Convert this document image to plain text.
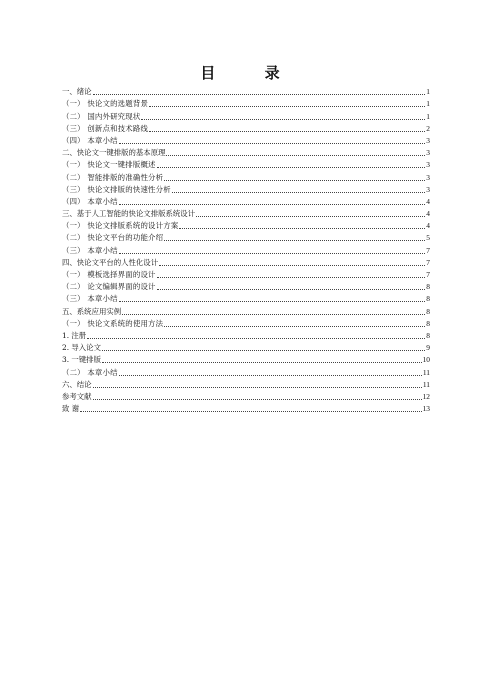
目 录
一、绪论	1
（一） 快论文的选题背景	1
（二） 国内外研究现状	1
（三） 创新点和技术路线	2
（四） 本章小结	3
二、快论文一键排版的基本原理	3
（一） 快论文一键排版概述	3
（二） 智能排版的准确性分析	3
（三） 快论文排版的快速性分析	3
（四） 本章小结	4
三、基于人工智能的快论文排版系统设计	4
（一） 快论文排版系统的设计方案	4
（二） 快论文平台的功能介绍	5
（三） 本章小结	7
四、快论文平台的人性化设计	7
（一） 模板选择界面的设计	7
（二） 论文编辑界面的设计	8
（三） 本章小结	8
五、系统应用实例	8
（一） 快论文系统的使用方法	8
1. 注册	8
2. 导入论文	9
3. 一键排版	10
（二） 本章小结	11
六、结论	11
参考文献	12
致 谢	13
